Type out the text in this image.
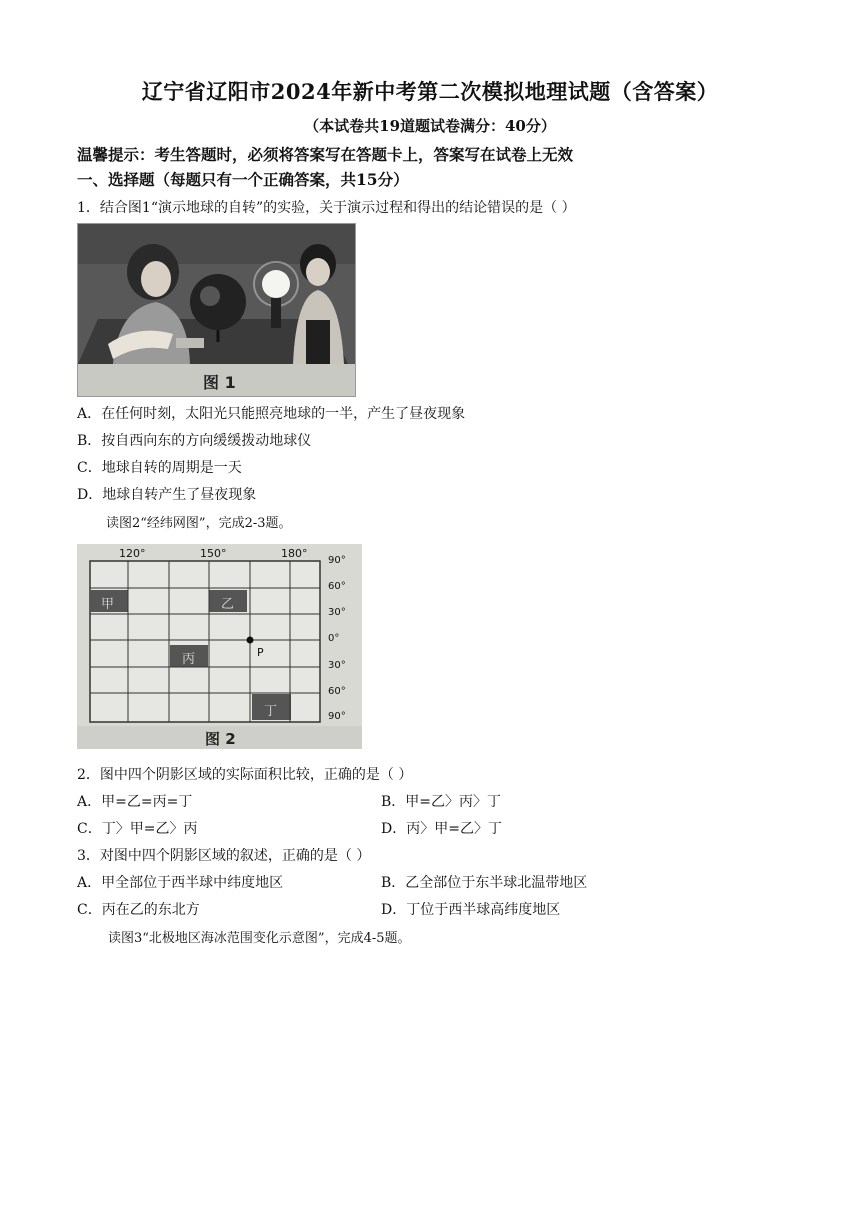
辽宁省辽阳市2024年新中考第二次模拟地理试题（含答案）
（本试卷共19道题试卷满分：40分）
温馨提示：考生答题时，必须将答案写在答题卡上，答案写在试卷上无效
一、选择题（每题只有一个正确答案，共15分）
1．结合图1“演示地球的自转”的实验，关于演示过程和得出的结论错误的是（ ）
图 1
A．在任何时刻，太阳光只能照亮地球的一半，产生了昼夜现象
B．按自西向东的方向缓缓拨动地球仪
C．地球自转的周期是一天
D．地球自转产生了昼夜现象
读图2“经纬网图”，完成2-3题。
120°	150°	180°
90°
60°
30°
0°
30°
60°
90°
甲	乙
丙
丁
P
图 2
2．图中四个阴影区域的实际面积比较，正确的是（ ）
A．甲=乙=丙=丁	B．甲=乙〉丙〉丁
C．丁〉甲=乙〉丙	D．丙〉甲=乙〉丁
3．对图中四个阴影区域的叙述，正确的是（ ）
A．甲全部位于西半球中纬度地区	B．乙全部位于东半球北温带地区
C．丙在乙的东北方	D．丁位于西半球高纬度地区
读图3“北极地区海冰范围变化示意图”，完成4-5题。
